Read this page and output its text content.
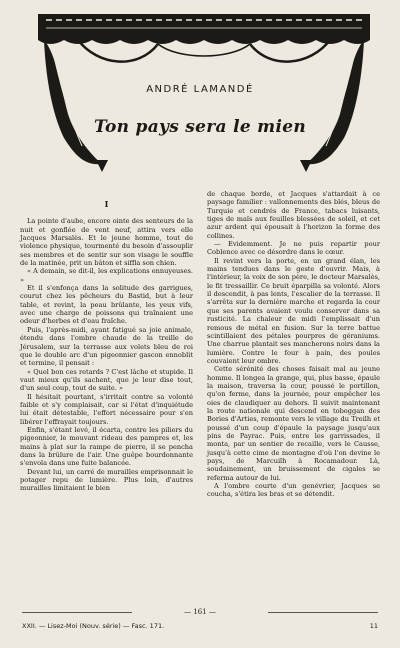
ANDRÉ LAMANDÉ
Ton pays sera le mien
I

La pointe d'aube, encore ointe des senteurs de la nuit et gonflée de vent neuf, attira vers elle Jacques Marsalès. Et le jeune homme, tout de violence physique, tourmenté du besoin d'assouplir ses membres et de sentir sur son visage le souffle de la matinée, prit un bâton et siffla son chien.

« A demain, se dit-il, les explications ennuyeuses. »

Et il s'enfonça dans la solitude des garrigues, courut chez les pêcheurs du Bastid, but à leur table, et revint, la peau brûlante, les yeux vifs, avec une charge de poissons qui traînaient une odeur d'herbes et d'eau fraîche.

Puis, l'après-midi, ayant fatigué sa joie animale, étendu dans l'ombre chaude de la treille de Jérusalem, sur la terrasse aux volets bleu de roi que le double arc d'un pigeonnier gascon ennoblit et termine, il pensait :

« Quel bon ces retards ? C'est lâche et stupide. Il vaut mieux qu'ils sachent, que je leur dise tout, d'un seul coup, tout de suite. »

Il hésitait pourtant, s'irritait contre sa volonté faible et s'y complaisait, car si l'état d'inquiétude lui était détestable, l'effort nécessaire pour s'en libérer l'effrayait toujours.

Enfin, s'étant levé, il écarta, contre les piliers du pigeonnier, le mouvant rideau des pampres et, les mains à plat sur la rampe de pierre, il se pencha dans la brûlure de l'air. Une guêpe bourdonnante s'envola dans une fuite balancée.

Devant lui, un carré de murailles emprisonnait le potager repu de lumière. Plus loin, d'autres murailles limitaient le bien

de chaque borde, et Jacques s'attardait à ce paysage familier : vallonnements des blés, bleus de Turquie et cendrés de France, tabacs luisants, tiges de maïs aux feuilles blessées de soleil, et cet azur ardent qui épousait à l'horizon la forme des collines.

— Evidemment. Je ne puis repartir pour Coblence avec ce désordre dans le cœur.

Il revint vers la porte, en un grand élan, les mains tendues dans le geste d'ouvrir. Mais, à l'intérieur, la voix de son père, le docteur Marsalès, le fit tressaillir. Ce bruit éparpilla sa volonté. Alors il descendit, à pas lents, l'escalier de la terrasse. Il s'arrêta sur la dernière marche et regarda la cour que ses parents avaient voulu conserver dans sa rusticité. La chaleur de midi l'emplissait d'un remous de métal en fusion. Sur la terre battue scintillaient des pétales pourpres de géraniums. Une charrue plantait ses mancherons noirs dans la lumière. Contre le four à pain, des poules couvaient leur ombre.

Cette sérénité des choses faisait mal au jeune homme. Il longea la grange, qui, plus basse, épaule la maison, traversa la cour, poussé le portillon, qu'on ferme, dans la journée, pour empêcher les oies de claudiquer au dehors. Il suivit maintenant la route nationale qui descend en toboggan des Bories d'Arties, remonte vers le village du Treilh et poussé d'un coup d'épaule la paysage jusqu'aux pins de Payrac. Puis, entre les garrissades, il monta, par un sentier de recaille, vers le Causse, jusqu'à cette cime de montagne d'où l'on devine le pays, de Marcuilh à Rocamadour. Là, soudainement, un bruissement de cigales se referma autour de lui.

A l'ombre courte d'un genévrier, Jacques se coucha, s'étira les bras et se détendit.

— 161 —
XXII. — Lisez-Moi (Nouv. série) — Fasc. 171.	11
